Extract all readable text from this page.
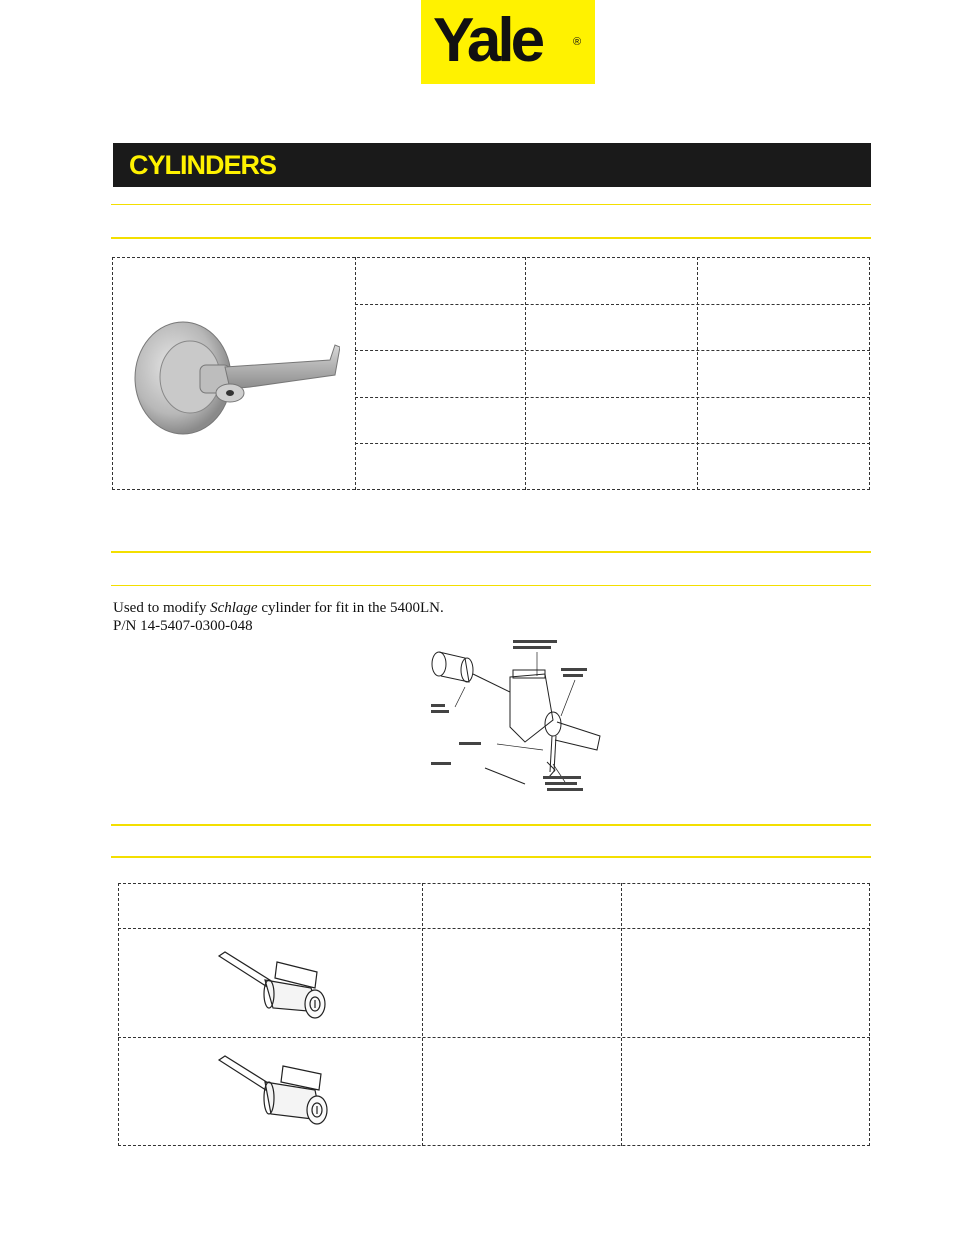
Yale	®
CYLINDERS
Used to modify Schlage cylinder for fit in the 5400LN.
P/N 14-5407-0300-048
